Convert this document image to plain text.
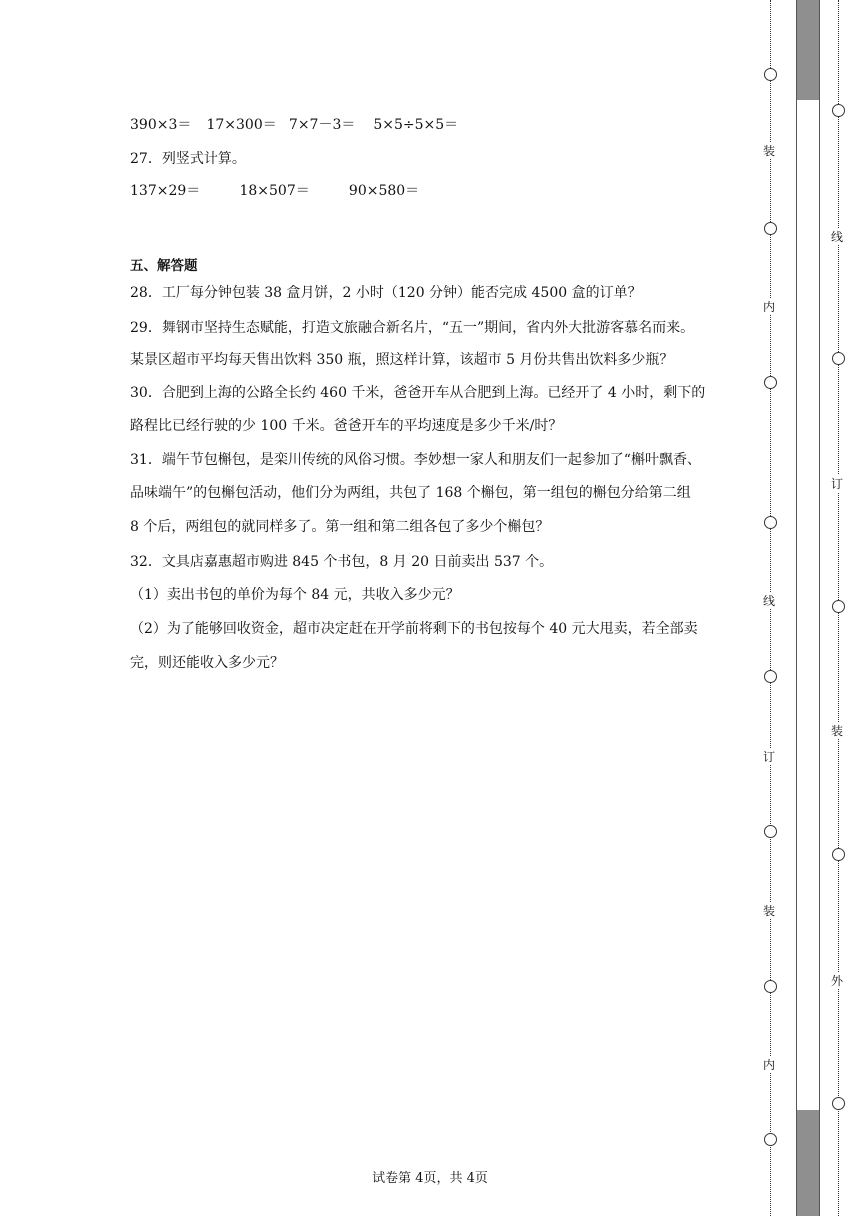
390×3＝ 17×300＝ 7×7－3＝ 5×5÷5×5＝
27．列竖式计算。
137×29＝	18×507＝	90×580＝
五、解答题
28．工厂每分钟包装 38 盒月饼，2 小时（120 分钟）能否完成 4500 盒的订单？
29．舞钢市坚持生态赋能，打造文旅融合新名片，“五一”期间，省内外大批游客慕名而来。
某景区超市平均每天售出饮料 350 瓶，照这样计算，该超市 5 月份共售出饮料多少瓶？
30．合肥到上海的公路全长约 460 千米，爸爸开车从合肥到上海。已经开了 4 小时，剩下的
路程比已经行驶的少 100 千米。爸爸开车的平均速度是多少千米/时？
31．端午节包槲包，是栾川传统的风俗习惯。李妙想一家人和朋友们一起参加了“槲叶飘香、
品味端午”的包槲包活动，他们分为两组，共包了 168 个槲包，第一组包的槲包分给第二组
8 个后，两组包的就同样多了。第一组和第二组各包了多少个槲包？
32．文具店嘉惠超市购进 845 个书包，8 月 20 日前卖出 537 个。
（1）卖出书包的单价为每个 84 元，共收入多少元？
（2）为了能够回收资金，超市决定赶在开学前将剩下的书包按每个 40 元大甩卖，若全部卖
完，则还能收入多少元？
试卷第 4页，共 4页
装
内
线
订
装
内
线
订
装
外
